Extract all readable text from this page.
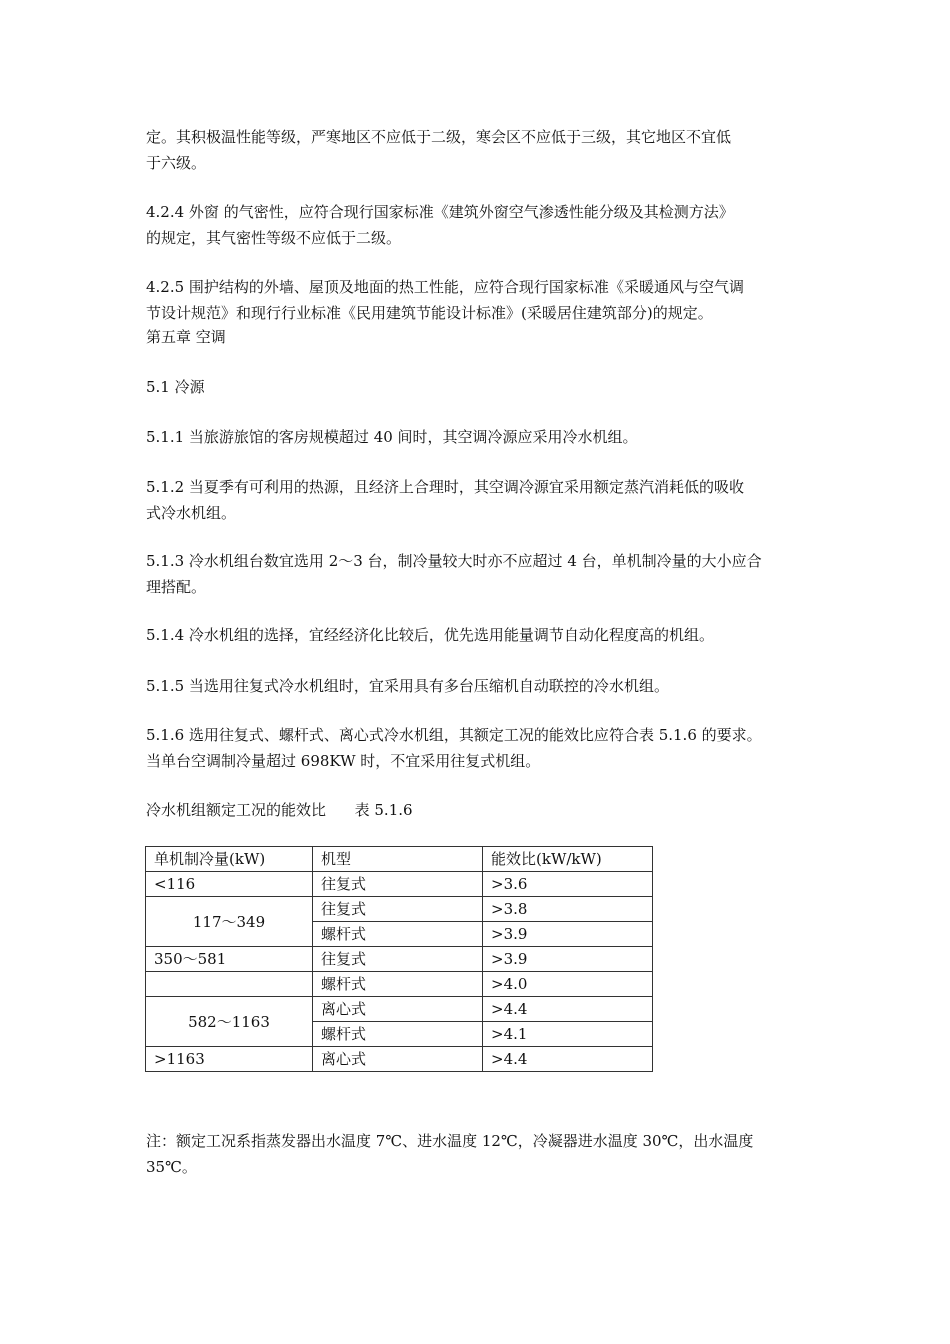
定。其积极温性能等级，严寒地区不应低于二级，寒会区不应低于三级，其它地区不宜低
于六级。

4.2.4 外窗 的气密性，应符合现行国家标准《建筑外窗空气渗透性能分级及其检测方法》
的规定，其气密性等级不应低于二级。

4.2.5 围护结构的外墙、屋顶及地面的热工性能，应符合现行国家标准《采暖通风与空气调
节设计规范》和现行行业标准《民用建筑节能设计标准》(采暖居住建筑部分)的规定。

第五章 空调

5.1 冷源

5.1.1 当旅游旅馆的客房规模超过 40 间时，其空调冷源应采用冷水机组。

5.1.2 当夏季有可利用的热源，且经济上合理时，其空调冷源宜采用额定蒸汽消耗低的吸收
式冷水机组。

5.1.3 冷水机组台数宜选用 2～3 台，制冷量较大时亦不应超过 4 台，单机制冷量的大小应合
理搭配。

5.1.4 冷水机组的选择，宜经经济化比较后，优先选用能量调节自动化程度高的机组。

5.1.5 当选用往复式冷水机组时，宜采用具有多台压缩机自动联控的冷水机组。

5.1.6 选用往复式、螺杆式、离心式冷水机组，其额定工况的能效比应符合表 5.1.6 的要求。
当单台空调制冷量超过 698KW 时，不宜采用往复式机组。

冷水机组额定工况的能效比      表 5.1.6

单机制冷量(kW)	机型	能效比(kW/kW)
<116	往复式	>3.6
117～349	往复式	>3.8
	螺杆式	>3.9
350～581	往复式	>3.9
	螺杆式	>4.0
582～1163	离心式	>4.4
	螺杆式	>4.1
>1163	离心式	>4.4

注：额定工况系指蒸发器出水温度 7℃、进水温度 12℃，冷凝器进水温度 30℃，出水温度
35℃。
